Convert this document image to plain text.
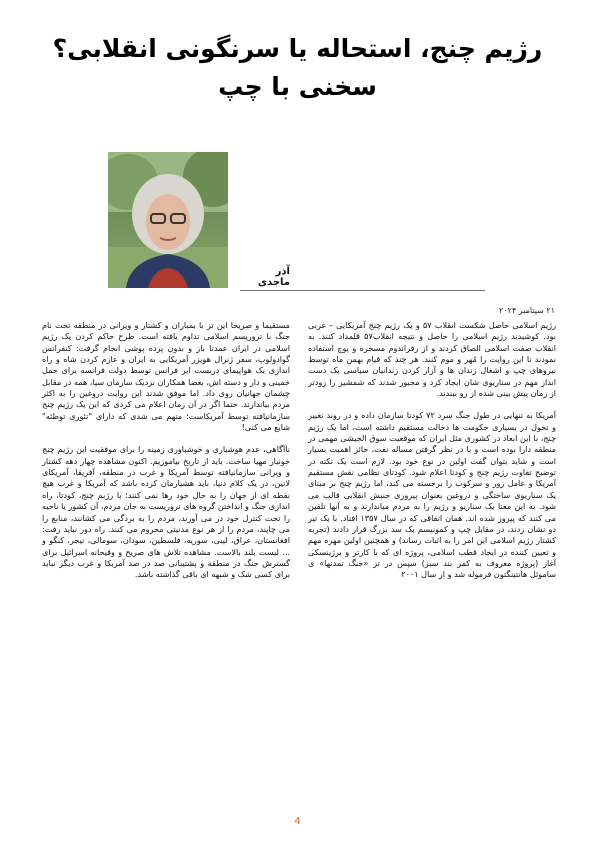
رژیم چنج، استحاله یا سرنگونی انقلابی؟
سخنی با چپ
آذر ماجدی
۲۱ سپتامبر ۲۰۲۴

رژیم اسلامی حاصل شکست انقلاب ۵۷ و یک رژیم چنج آمریکایی – غربی بود. کوشیدند رژیم اسلامی را حاصل و نتیجه انقلاب۵۷ قلمداد کنند. به انقلاب صفت اسلامی الصاق کردند و از رفراندوم مسخره و پوچ استفاده نمودند تا این روایت را مُهر و موم کنند. هر چند که قیام بهمن ماه توسط نیروهای چپ و اشغال زندان ها و آزار کردن زندانیان سیاسی یک دست انداز مهم در سناریوی شان ایجاد کرد و مجبور شدند که شمشیر را زودتر از زمان پیش بینی شده از رو ببندند.

آمریکا به تنهایی در طول جنگ سرد ۷۲ کودتا سازمان داده و در روند تغییر و تحول در بسیاری حکومت ها دخالت مستقیم داشته است، اما یک رژیم چنج، با این ابعاد در کشوری مثل ایران که موقعیت سوق الجیشی مهمی در منطقه دارا بوده است و با در نظر گرفتن مساله نفت، حائز اهمیت بسیار است و شاید بتوان گفت اولین در نوع خود بود. لازم است یک نکته در توضیح تفاوت رژیم چنج و کودتا اعلام شود. کودتای نظامی نقش مستقیم آمریکا و عامل زور و سرکوب را برجسته می کند، اما رژیم چنج بر مبنای یک سناریوی ساختگی و دروغین بعنوان پیروزی جنبش انقلابی قالب می شود. به این معنا یک سناریو و رژیم را به مردم میاندازند و به آنها تلقین می کنند که پیروز شده اند. همان اتفاقی که در سال ۱۳۵۷ افتاد. با یک تیر دو نشان زدند، در مقابل چپ و کمونیسم یک سد بزرگ قرار دادند (تجربه کشتار رژیم اسلامی این امر را به اثبات رساند) و همچنین اولین مهره مهم و تعیین کننده در ایجاد قطب اسلامی، پروژه ای که با کارتر و برژینسکی آغاز (پروژه معروف به کمر بند سبز) سپس در تز «جنگ تمدنها» ی ساموئل هانتینگتون فرموله شد و از سال ۲۰۰۱

مستقیما و صریحا این تز با بمباران و کشتار و ویرانی در منطقه تحت نام جنگ با تروریسم اسلامی تداوم یافته است. طرح حاکم کردن یک رژیم اسلامی در ایران عمدتا باز و بدون پرده پوشی انجام گرفت: کنفرانس گوادولوپ، سفر ژنرال هویزر آمریکایی به ایران و عازم کردن شاه و راه اندازی یک هواپیمای دربست ایر فرانس توسط دولت فرانسه برای حمل خمینی و دار و دسته اش، بعضا همکاران نزدیک سازمان سیا، همه در مقابل چشمان جهانیان روی داد. اما موفق شدند این روایت دروغین را به اکثر مردم بیاندازند. حتما اگر در آن زمان اعلام می کردی که این یک رژیم چنج سازمانیافته توسط آمریکاست؛ متهم می شدی که دارای "تئوری توطئه" شایع می کنی!

ناآگاهی، عدم هوشیاری و خوشباوری زمینه را برای موفقیت این رژیم چنج خونبار مهیا ساخت. باید از تاریخ بیاموزیم. اکنون مشاهده چهار دهه کشتار و ویرانی سازمانیافته توسط آمریکا و غرب در منطقه، آفریقا، آمریکای لاتین، در یک کلام دنیا، باید هشیارمان کرده باشد که آمریکا و غرب هیچ نقطه ای از جهان را به حال خود رها نمی کنند؛ با رژیم چنج، کودتا، راه اندازی جنگ و انداختن گروه های تروریست به جان مردم، آن کشور یا ناحیه را تحت کنترل خود در می آورند، مردم را به بردگی می کشانند، منابع را می چاپند، مردم را از هر نوع مدنیتی محروم می کنند. راه دور نباید رفت: افغانستان، عراق، لیبی، سوریه، فلسطین، سودان، سومالی، نیجر، کنگو و ... لیست بلند بالاست. مشاهده تلاش های صریح و وقیحانه اسرائیل برای گسترش جنگ در منطقه و پشتیبانی صد در صد آمریکا و غرب دیگر نباید برای کسی شک و شبهه ای باقی گذاشته باشد.

4
